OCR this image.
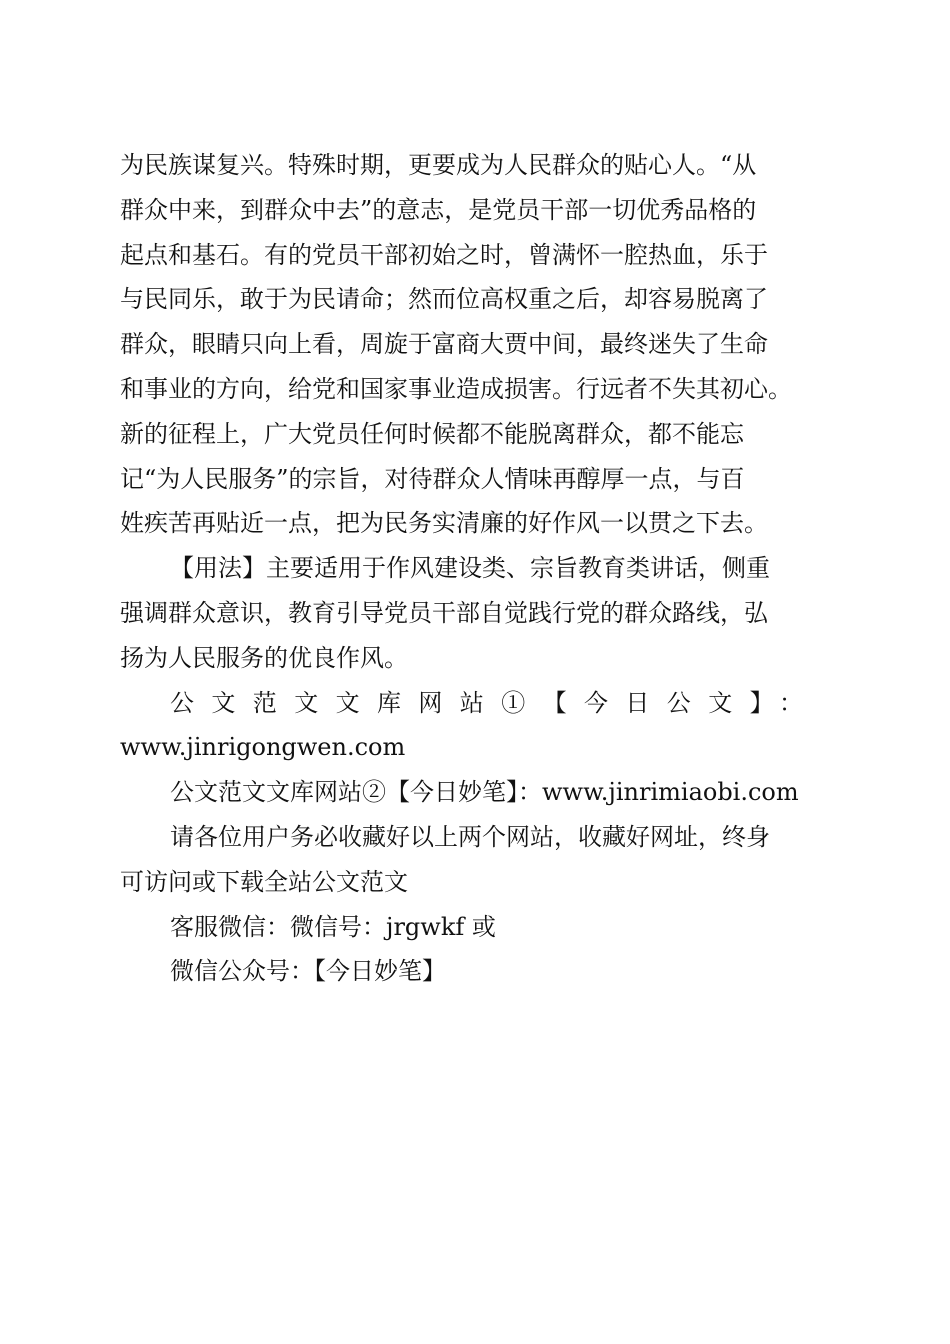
为民族谋复兴。特殊时期，更要成为人民群众的贴心人。“从
群众中来，到群众中去”的意志，是党员干部一切优秀品格的
起点和基石。有的党员干部初始之时，曾满怀一腔热血，乐于
与民同乐，敢于为民请命；然而位高权重之后，却容易脱离了
群众，眼睛只向上看，周旋于富商大贾中间，最终迷失了生命
和事业的方向，给党和国家事业造成损害。行远者不失其初心。
新的征程上，广大党员任何时候都不能脱离群众，都不能忘
记“为人民服务”的宗旨，对待群众人情味再醇厚一点，与百
姓疾苦再贴近一点，把为民务实清廉的好作风一以贯之下去。

【用法】主要适用于作风建设类、宗旨教育类讲话，侧重
强调群众意识，教育引导党员干部自觉践行党的群众路线，弘
扬为人民服务的优良作风。

公文范文文库网站①【今日公文】：
www.jinrigongwen.com

公文范文文库网站②【今日妙笔】：www.jinrimiaobi.com

请各位用户务必收藏好以上两个网站，收藏好网址，终身
可访问或下载全站公文范文

客服微信：微信号：jrgwkf 或

微信公众号：【今日妙笔】
